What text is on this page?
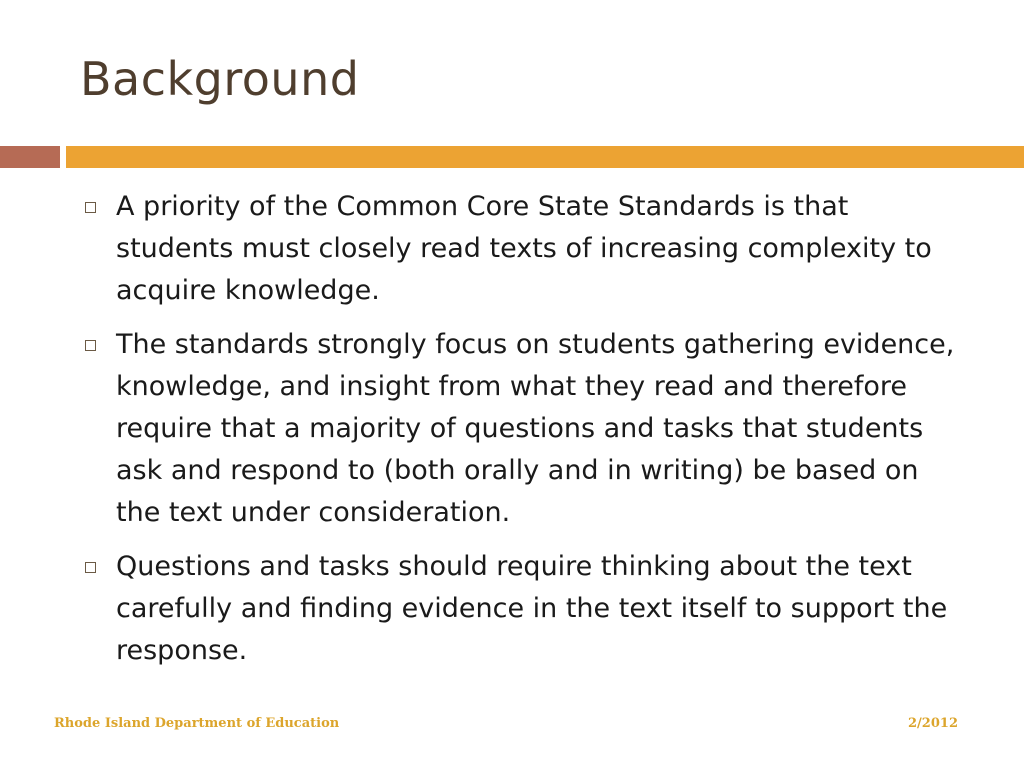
Background
A priority of the Common Core State Standards is that students must closely read texts of increasing complexity to acquire knowledge.
The standards strongly focus on students gathering evidence, knowledge, and insight from what they read and therefore require that a majority of questions and tasks that students ask and respond to (both orally and in writing) be based on the text under consideration.
Questions and tasks should require thinking about the text carefully and finding evidence in the text itself to support the response.
Rhode Island Department of Education	2/2012
